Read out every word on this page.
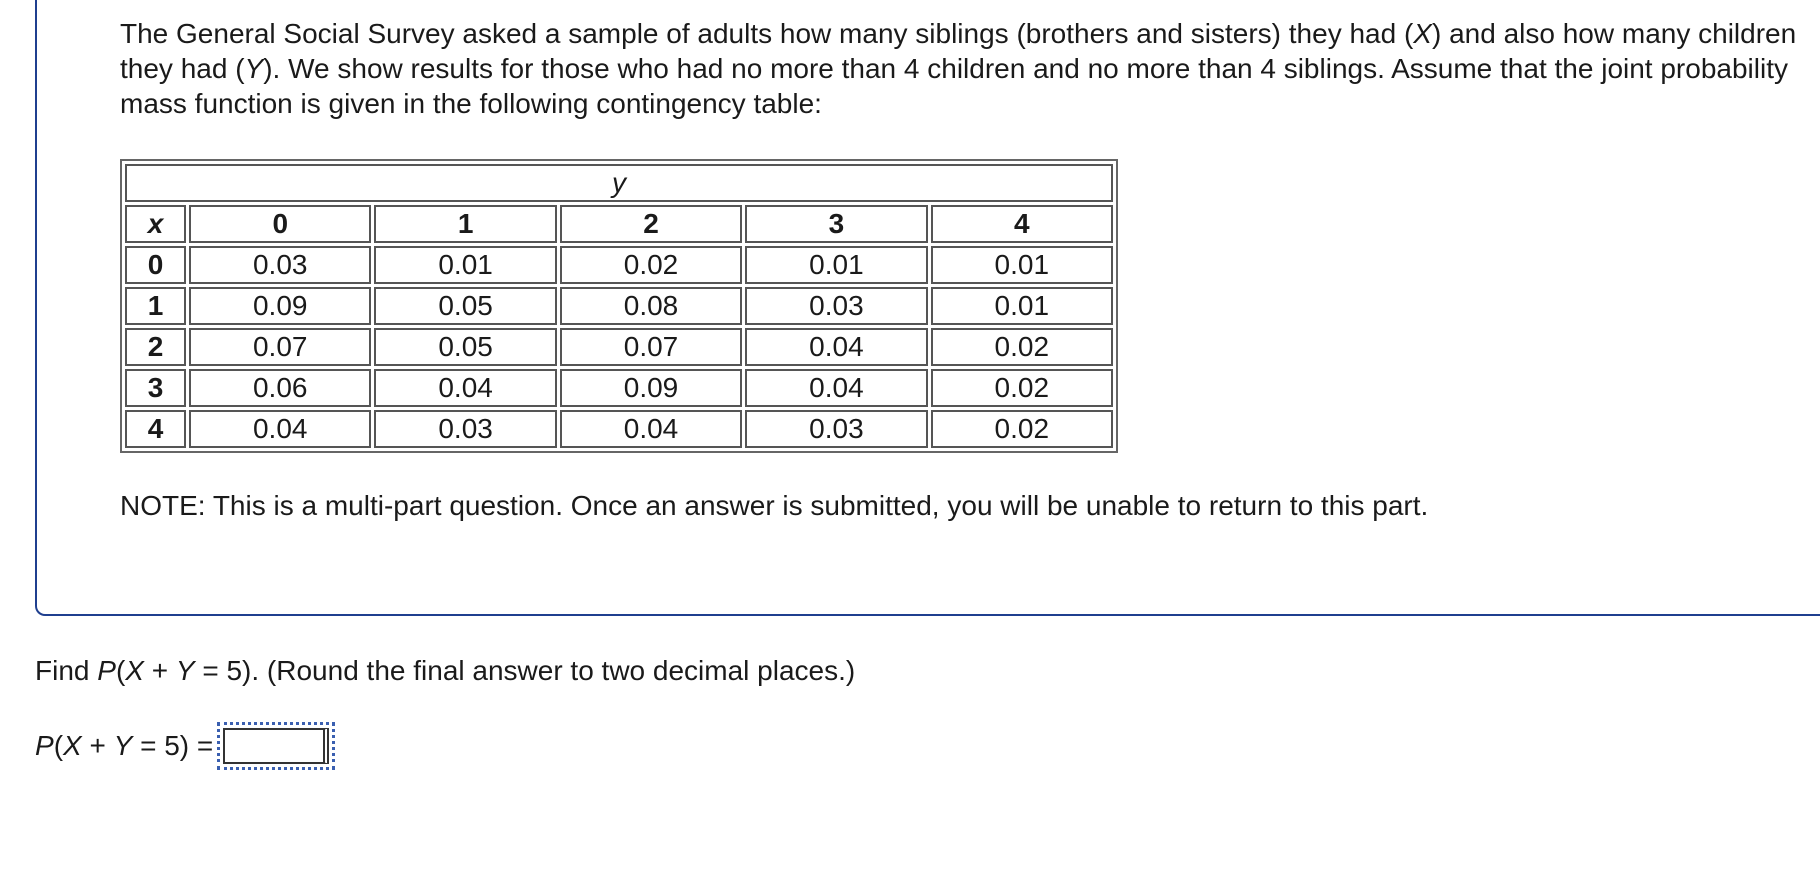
The General Social Survey asked a sample of adults how many siblings (brothers and sisters) they had (X) and also how many children they had (Y). We show results for those who had no more than 4 children and no more than 4 siblings. Assume that the joint probability mass function is given in the following contingency table:

y					
x	0	1	2	3	4
0	0.03	0.01	0.02	0.01	0.01
1	0.09	0.05	0.08	0.03	0.01
2	0.07	0.05	0.07	0.04	0.02
3	0.06	0.04	0.09	0.04	0.02
4	0.04	0.03	0.04	0.03	0.02

NOTE: This is a multi-part question. Once an answer is submitted, you will be unable to return to this part.

Find P(X + Y = 5). (Round the final answer to two decimal places.)

P(X + Y = 5) =
